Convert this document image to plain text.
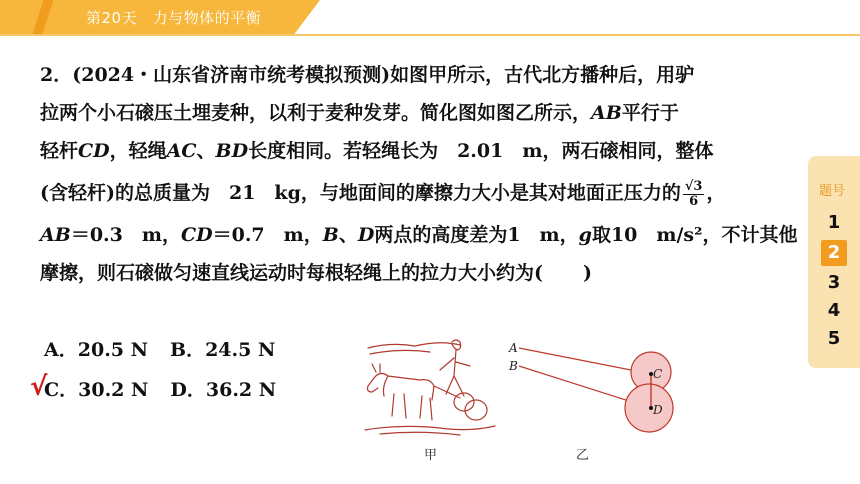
第20天　力与物体的平衡
2．(2024・山东省济南市统考模拟预测)如图甲所示，古代北方播种后，用驴
拉两个小石磙压土埋麦种，以利于麦种发芽。简化图如图乙所示，AB平行于
轻杆CD，轻绳AC、BD长度相同。若轻绳长为　2.01　m，两石磙相同，整体
(含轻杆)的总质量为　21　kg，与地面间的摩擦力大小是其对地面正压力的 $\frac{√3}{6}$ ，
AB＝0.3　m，CD＝0.7　m，B、D两点的高度差为1　m，g取10　m/s²，不计其他
摩擦，则石磙做匀速直线运动时每根轻绳上的拉力大小约为( )
A．20.5 N B．24.5 N
C．30.2 N D．36.2 N
√
A
B
C
D
甲	乙
题号
1
2
3
4
5
